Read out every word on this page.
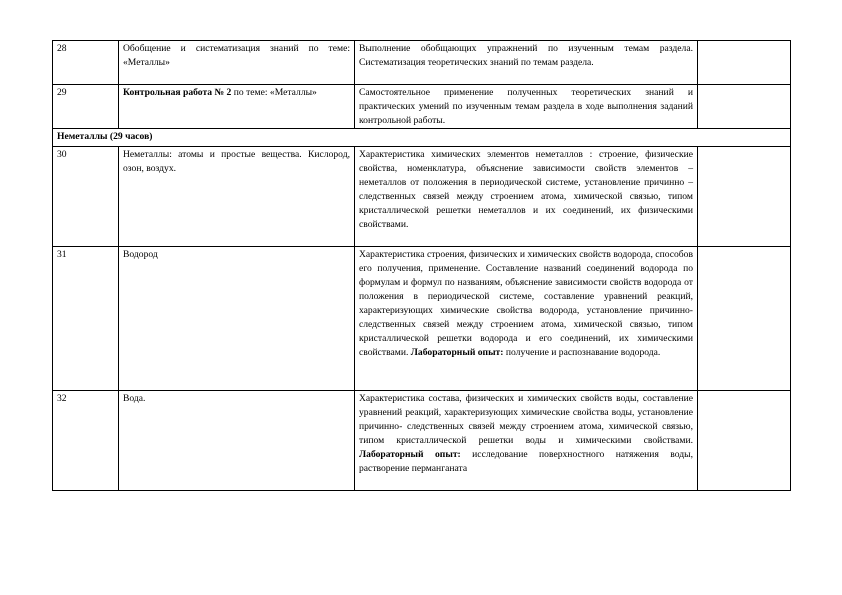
28	Обобщение и систематизация знаний по теме: «Металлы»	Выполнение обобщающих упражнений по изученным темам раздела. Систематизация теоретических знаний по темам раздела.	
29	Контрольная работа № 2 по теме: «Металлы»	Самостоятельное применение полученных теоретических знаний и практических умений по изученным темам раздела в ходе выполнения заданий контрольной работы.	
Неметаллы (29 часов)			
30	Неметаллы: атомы и простые вещества. Кислород, озон, воздух.	Характеристика химических элементов неметаллов : строение, физические свойства, номенклатура, объяснение зависимости свойств элементов – неметаллов от положения в периодической системе, установление причинно – следственных связей между строением атома, химической связью, типом кристаллической решетки неметаллов и их соединений, их физическими свойствами.	
31	Водород	Характеристика строения, физических и химических свойств водорода, способов его получения, применение. Составление названий соединений водорода по формулам и формул по названиям, объяснение зависимости свойств водорода от положения в периодической системе, составление уравнений реакций, характеризующих химические свойства водорода, установление причинно- следственных связей между строением атома, химической связью, типом кристаллической решетки водорода и его соединений, их химическими свойствами. Лабораторный опыт: получение и распознавание водорода.	
32	Вода.	Характеристика состава, физических и химических свойств воды, составление уравнений реакций, характеризующих химические свойства воды, установление причинно- следственных связей между строением атома, химической связью, типом кристаллической решетки воды и химическими свойствами. Лабораторный опыт: исследование поверхностного натяжения воды, растворение перманганата	
